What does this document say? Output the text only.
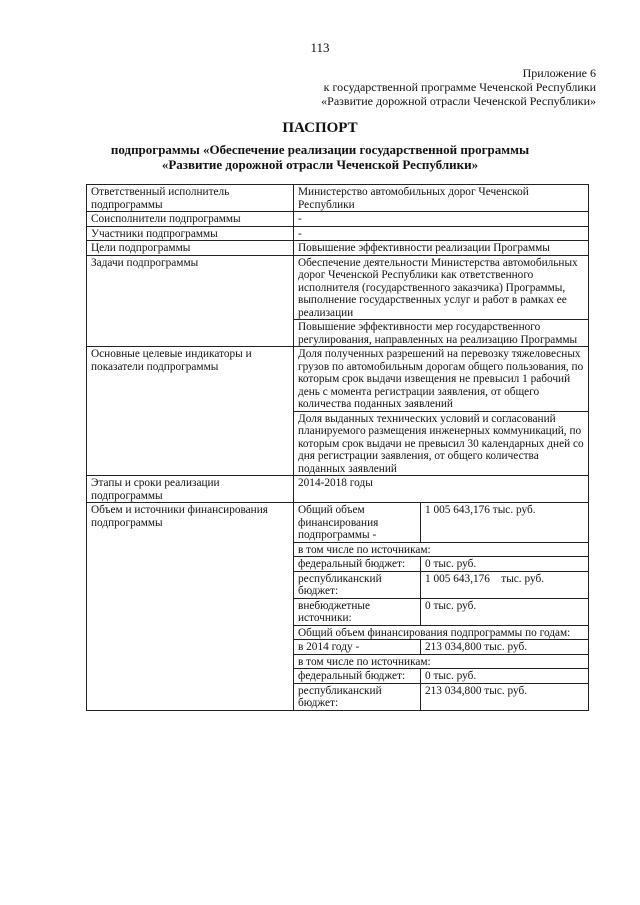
113
Приложение 6
к государственной программе Чеченской Республики
«Развитие дорожной отрасли Чеченской Республики»
ПАСПОРТ
подпрограммы «Обеспечение реализации государственной программы
«Развитие дорожной отрасли Чеченской Республики»
Ответственный исполнитель подпрограммы	Министерство автомобильных дорог Чеченской Республики
Соисполнители подпрограммы	-
Участники подпрограммы	-
Цели подпрограммы	Повышение эффективности реализации Программы
Задачи подпрограммы	Обеспечение деятельности Министерства автомобильных дорог Чеченской Республики как ответственного исполнителя (государственного заказчика) Программы, выполнение государственных услуг и работ в рамках ее реализации
Повышение эффективности мер государственного регулирования, направленных на реализацию Программы
Основные целевые индикаторы и показатели подпрограммы	Доля полученных разрешений на перевозку тяжеловесных грузов по автомобильным дорогам общего пользования, по которым срок выдачи извещения не превысил 1 рабочий день с момента регистрации заявления, от общего количества поданных заявлений
Доля выданных технических условий и согласований планируемого размещения инженерных коммуникаций, по которым срок выдачи не превысил 30 календарных дней со дня регистрации заявления, от общего количества поданных заявлений
Этапы и сроки реализации подпрограммы	2014-2018 годы
Объем и источники финансирования подпрограммы	
Общий объем финансирования подпрограммы -	1 005 643,176 тыс. руб.
в том числе по источникам:
федеральный бюджет:	0 тыс. руб.
республиканский бюджет:	1 005 643,176    тыс. руб.
внебюджетные источники:	0 тыс. руб.
Общий объем финансирования подпрограммы по годам:
в 2014 году -	213 034,800 тыс. руб.
в том числе по источникам:
федеральный бюджет:	0 тыс. руб.
республиканский бюджет:	213 034,800 тыс. руб.
